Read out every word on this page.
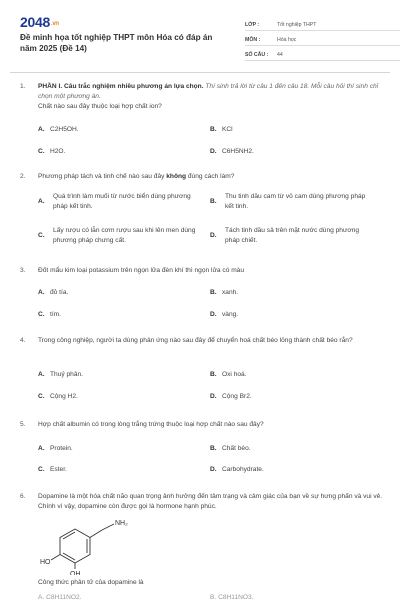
$2048^{.vn}$
Đề minh họa tốt nghiệp THPT môn Hóa có đáp án năm 2025 (Đề 14)
LỚP :	Tốt nghiệp THPT
MÔN :	Hóa học
SỐ CÂU :	44
1. PHẦN I. Câu trắc nghiệm nhiều phương án lựa chọn. Thí sinh trả lời từ câu 1 đến câu 18. Mỗi câu hỏi thí sinh chỉ chọn một phương án.
Chất nào sau đây thuộc loại hợp chất ion?
A. C2H5OH.	B. KCl
C. H2O.	D. C6H5NH2.
2. Phương pháp tách và tinh chế nào sau đây không đúng cách làm?
A.
Quá trình làm muối từ nước biển dùng phương pháp kết tinh.
B.
Thu tinh dầu cam từ vỏ cam dùng phương pháp kết tinh.
C.
Lấy rượu có lẫn cơm rượu sau khi lên men dùng phương pháp chưng cất.
D.
Tách tinh dầu sả trên mặt nước dùng phương pháp chiết.
3. Đốt mẩu kim loại potassium trên ngọn lửa đèn khí thì ngọn lửa có màu
A. đỏ tía.	B. xanh.
C. tím.	D. vàng.
4. Trong công nghiệp, người ta dùng phản ứng nào sau đây để chuyển hoá chất béo lỏng thành chất béo rắn?
A. Thuỷ phân.	B. Oxi hoá.
C. Cộng H2.	D. Cộng Br2.
5. Hợp chất albumin có trong lòng trắng trứng thuộc loại hợp chất nào sau đây?
A. Protein.	B. Chất béo.
C. Ester.	D. Carbohydrate.
6. Dopamine là một hóa chất não quan trọng ảnh hưởng đến tâm trạng và cảm giác của bạn về sự hưng phấn và vui vẻ. Chính vì vậy, dopamine còn được gọi là hormone hạnh phúc.
NH₂
HO
OH
Công thức phân tử của dopamine là
A. C8H11NO2.	B. C8H11NO3.
